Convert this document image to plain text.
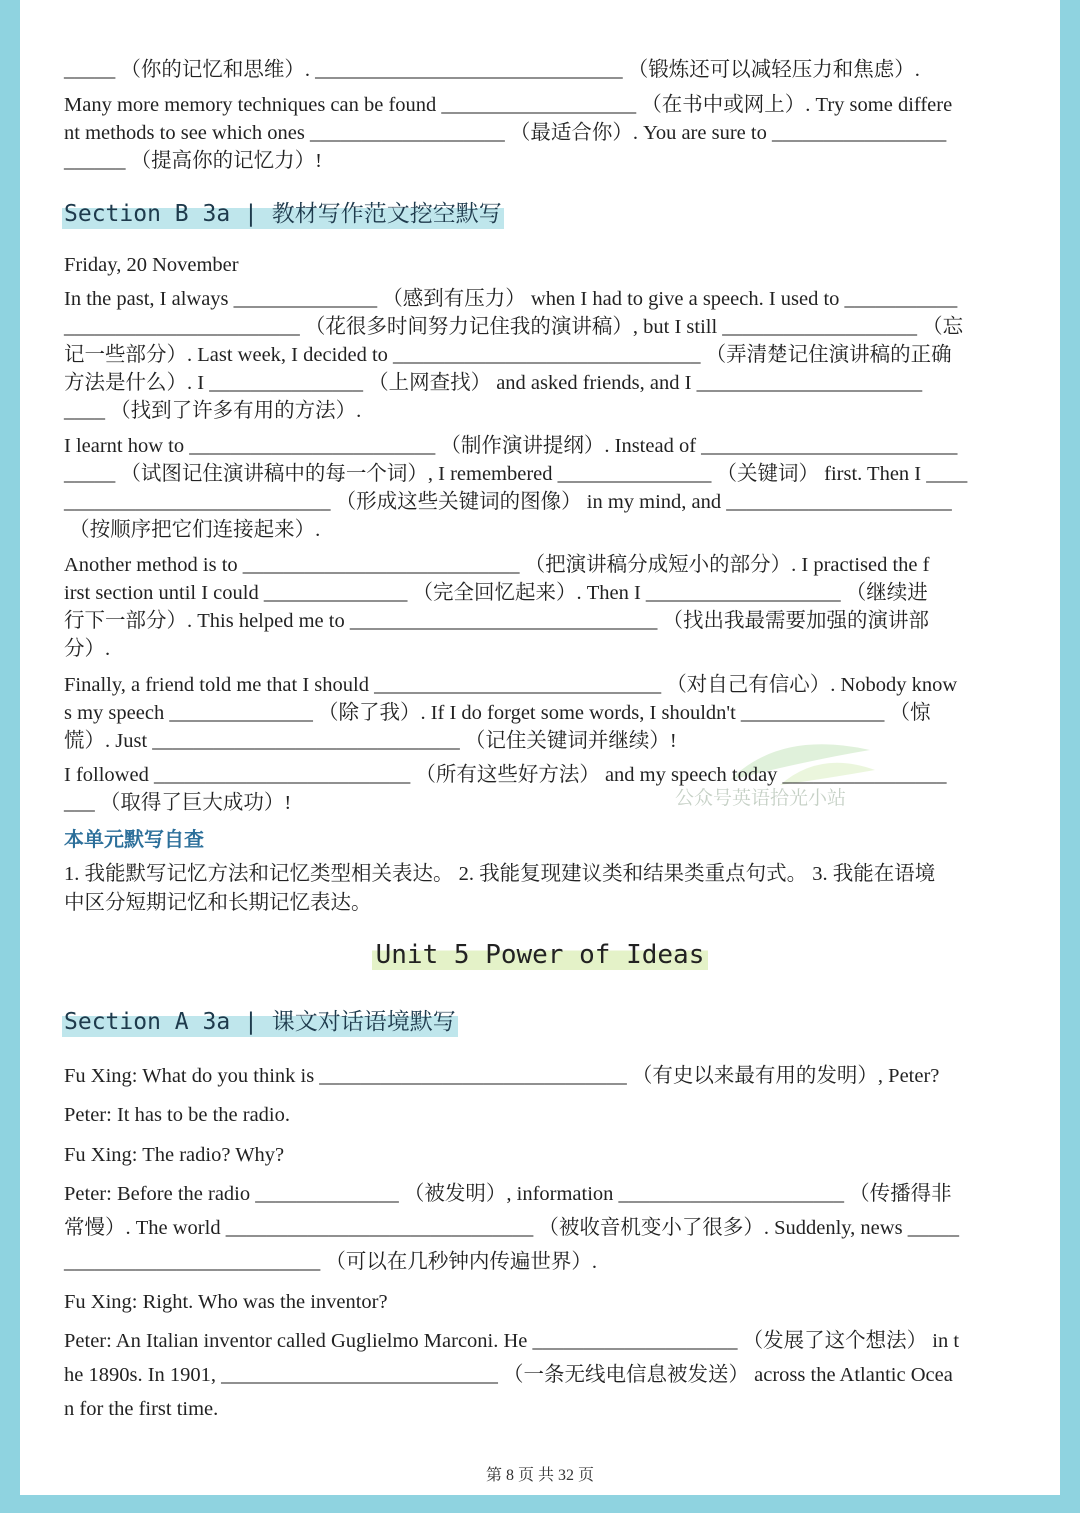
_____ （你的记忆和思维）. ______________________________ （锻炼还可以减轻压力和焦虑）.
Many more memory techniques can be found ___________________ （在书中或网上）. Try some differe
nt methods to see which ones ___________________ （最适合你）. You are sure to _________________
______ （提高你的记忆力）!
Section B 3a | 教材写作范文挖空默写
Friday, 20 November
In the past, I always ______________ （感到有压力） when I had to give a speech. I used to ___________
_______________________ （花很多时间努力记住我的演讲稿）, but I still ___________________ （忘
记一些部分）. Last week, I decided to ______________________________ （弄清楚记住演讲稿的正确
方法是什么）. I _______________ （上网查找） and asked friends, and I ______________________
____ （找到了许多有用的方法）.
I learnt how to ________________________ （制作演讲提纲）. Instead of _________________________
_____ （试图记住演讲稿中的每一个词）, I remembered _______________ （关键词） first. Then I ____
__________________________ （形成这些关键词的图像） in my mind, and ______________________
（按顺序把它们连接起来）.
Another method is to ___________________________ （把演讲稿分成短小的部分）. I practised the f
irst section until I could ______________ （完全回忆起来）. Then I ___________________ （继续进
行下一部分）. This helped me to ______________________________ （找出我最需要加强的演讲部
分）.
Finally, a friend told me that I should ____________________________ （对自己有信心）. Nobody know
s my speech ______________ （除了我）. If I do forget some words, I shouldn't ______________ （惊
慌）. Just ______________________________ （记住关键词并继续）!
I followed _________________________ （所有这些好方法） and my speech today ________________
___ （取得了巨大成功）!	公众号英语拾光小站
本单元默写自查
1. 我能默写记忆方法和记忆类型相关表达。 2. 我能复现建议类和结果类重点句式。 3. 我能在语境
中区分短期记忆和长期记忆表达。
Unit 5 Power of Ideas
Section A 3a | 课文对话语境默写
Fu Xing: What do you think is ______________________________ （有史以来最有用的发明）, Peter?
Peter: It has to be the radio.
Fu Xing: The radio? Why?
Peter: Before the radio ______________ （被发明）, information ______________________ （传播得非
常慢）. The world ______________________________ （被收音机变小了很多）. Suddenly, news _____
_________________________ （可以在几秒钟内传遍世界）.
Fu Xing: Right. Who was the inventor?
Peter: An Italian inventor called Guglielmo Marconi. He ____________________ （发展了这个想法） in t
he 1890s. In 1901, ___________________________ （一条无线电信息被发送） across the Atlantic Ocea
n for the first time.
第 8 页 共 32 页
